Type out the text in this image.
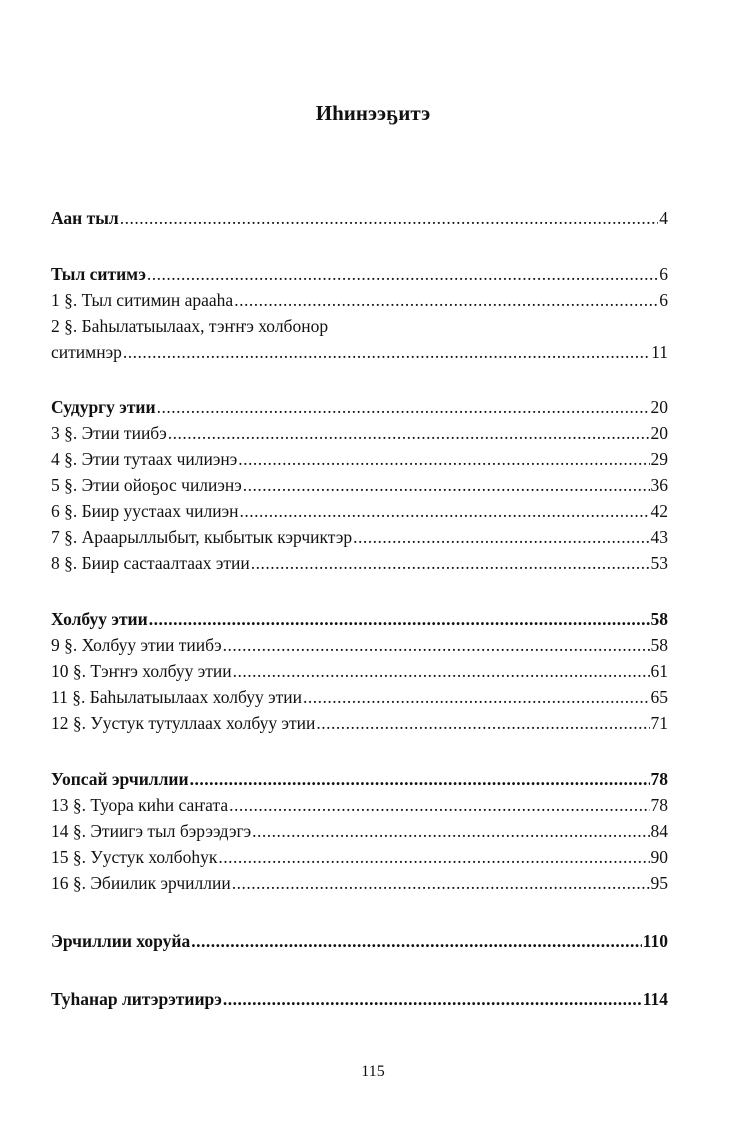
Иhинээҕитэ
Аан тыл .....	4
Тыл ситимэ .....	6
1 §. Тыл ситимин арааhа .....	6
2 §. Баhылатыылаах, тэҥҥэ холбонор
ситимнэр .....	11
Судургу этии .....	20
3 §. Этии тиибэ .....	20
4 §. Этии тутаах чилиэнэ .....	29
5 §. Этии ойоҕос чилиэнэ .....	36
6 §. Биир уустаах чилиэн .....	42
7 §. Араарыллыбыт, кыбытык кэрчиктэр .....	43
8 §. Биир састаалтаах этии .....	53
Холбуу этии .....	58
9 §. Холбуу этии тиибэ .....	58
10 §. Тэҥҥэ холбуу этии .....	61
11 §. Баhылатыылаах холбуу этии .....	65
12 §. Уустук тутуллаах холбуу этии .....	71
Уопсай эрчиллии .....	78
13 §. Туора киhи саҥата .....	78
14 §. Этиигэ тыл бэрээдэгэ .....	84
15 §. Уустук холбоhук .....	90
16 §. Эбиилик эрчиллии .....	95
Эрчиллии хоруйа .....	110
Туhанар литэрэтиирэ .....	114
115
